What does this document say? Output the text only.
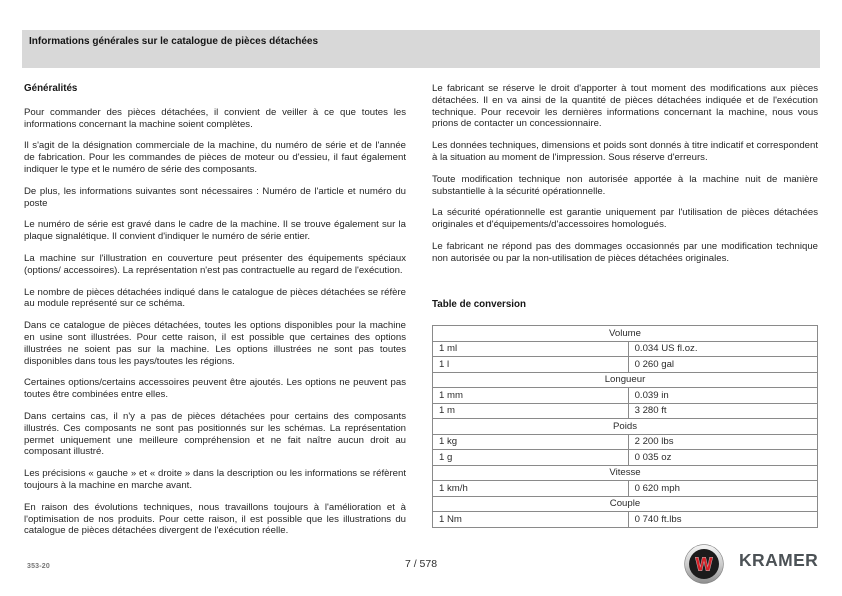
Informations générales sur le catalogue de pièces détachées
Généralités

Pour commander des pièces détachées, il convient de veiller à ce que toutes les informations concernant la machine soient complètes.

Il s'agit de la désignation commerciale de la machine, du numéro de série et de l'année de fabrication. Pour les commandes de pièces de moteur ou d'essieu, il faut également indiquer le type et le numéro de série des composants.

De plus, les informations suivantes sont nécessaires : Numéro de l'article et numéro du poste

Le numéro de série est gravé dans le cadre de la machine. Il se trouve également sur la plaque signalétique. Il convient d'indiquer le numéro de série entier.

La machine sur l'illustration en couverture peut présenter des équipements spéciaux (options/ accessoires). La représentation n'est pas contractuelle au regard de l'exécution.

Le nombre de pièces détachées indiqué dans le catalogue de pièces détachées se réfère au module représenté sur ce schéma.

Dans ce catalogue de pièces détachées, toutes les options disponibles pour la machine en usine sont illustrées. Pour cette raison, il est possible que certaines des options illustrées ne soient pas sur la machine. Les options illustrées ne sont pas toutes disponibles dans tous les pays/toutes les régions.

Certaines options/certains accessoires peuvent être ajoutés. Les options ne peuvent pas toutes être combinées entre elles.

Dans certains cas, il n'y a pas de pièces détachées pour certains des composants illustrés. Ces composants ne sont pas positionnés sur les schémas. La représentation permet uniquement une meilleure compréhension et ne fait naître aucun droit au composant illustré.

Les précisions « gauche » et « droite » dans la description ou les informations se réfèrent toujours à la machine en marche avant.

En raison des évolutions techniques, nous travaillons toujours à l'amélioration et à l'optimisation de nos produits. Pour cette raison, il est possible que les illustrations du catalogue de pièces détachées divergent de l'exécution réelle.

Le fabricant se réserve le droit d'apporter à tout moment des modifications aux pièces détachées. Il en va ainsi de la quantité de pièces détachées indiquée et de l'exécution technique. Pour recevoir les dernières informations concernant la machine, nous vous prions de contacter un concessionnaire.

Les données techniques, dimensions et poids sont donnés à titre indicatif et correspondent à la situation au moment de l'impression. Sous réserve d'erreurs.

Toute modification technique non autorisée apportée à la machine nuit de manière substantielle à la sécurité opérationnelle.

La sécurité opérationnelle est garantie uniquement par l'utilisation de pièces détachées originales et d'équipements/d'accessoires homologués.

Le fabricant ne répond pas des dommages occasionnés par une modification technique non autorisée ou par la non-utilisation de pièces détachées originales.

Table de conversion
Volume	
1 ml	0.034 US fl.oz.
1 l	0 260 gal
Longueur	
1 mm	0.039 in
1 m	3 280 ft
Poids	
1 kg	2 200 lbs
1 g	0 035 oz
Vitesse	
1 km/h	0 620 mph
Couple	
1 Nm	0 740 ft.lbs
353-20	7 / 578	W KRAMER
